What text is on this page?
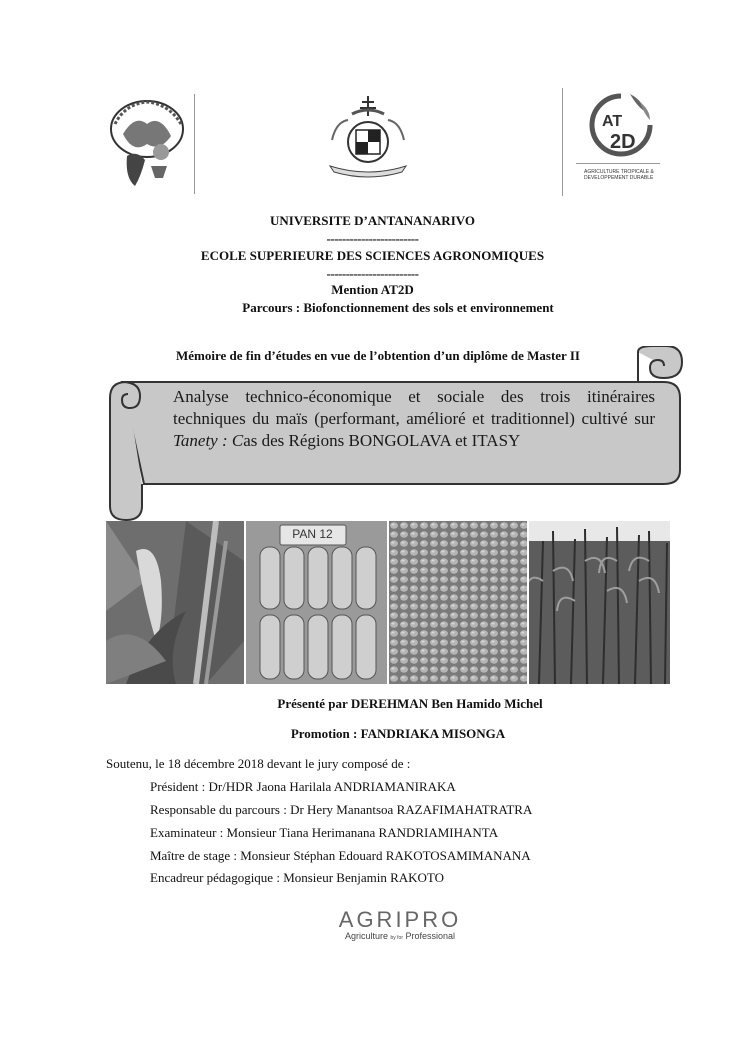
AT
2D
AGRICULTURE TROPICALE & DEVELOPPEMENT DURABLE
UNIVERSITE D’ANTANANARIVO
------------------------
ECOLE SUPERIEURE DES SCIENCES AGRONOMIQUES
------------------------
Mention AT2D
Parcours : Biofonctionnement des sols et environnement
Mémoire de fin d’études en vue de l’obtention d’un diplôme de Master II
Analyse technico-économique et sociale des trois itinéraires techniques du maïs (performant, amélioré et traditionnel) cultivé sur Tanety : Cas des Régions BONGOLAVA et ITASY
PAN 12
Présenté par DEREHMAN Ben Hamido Michel
Promotion : FANDRIAKA MISONGA
Soutenu, le 18 décembre 2018 devant le jury composé de :
Président : Dr/HDR Jaona Harilala ANDRIAMANIRAKA
Responsable du parcours : Dr Hery Manantsoa RAZAFIMAHATRATRA
Examinateur : Monsieur Tiana Herimanana RANDRIAMIHANTA
Maître de stage : Monsieur Stéphan Edouard RAKOTOSAMIMANANA
Encadreur pédagogique : Monsieur Benjamin RAKOTO
AGRIPRO
Agriculture by for Professional
